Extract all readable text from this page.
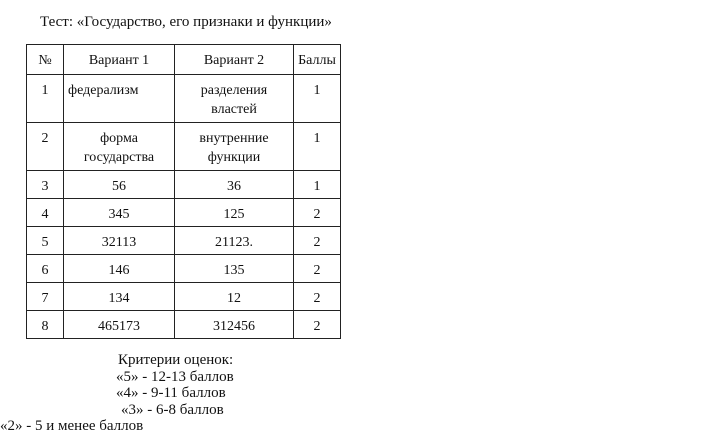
Тест: «Государство, его признаки и функции»
№	Вариант 1	Вариант 2	Баллы
1	федерализм	разделения властей	1
2	форма государства	внутренние функции	1
3	56	36	1
4	345	125	2
5	32113	21123.	2
6	146	135	2
7	134	12	2
8	465173	312456	2
Критерии оценок:
«5» - 12-13 баллов
«4» - 9-11 баллов
«3» - 6-8 баллов
«2» - 5 и менее баллов
